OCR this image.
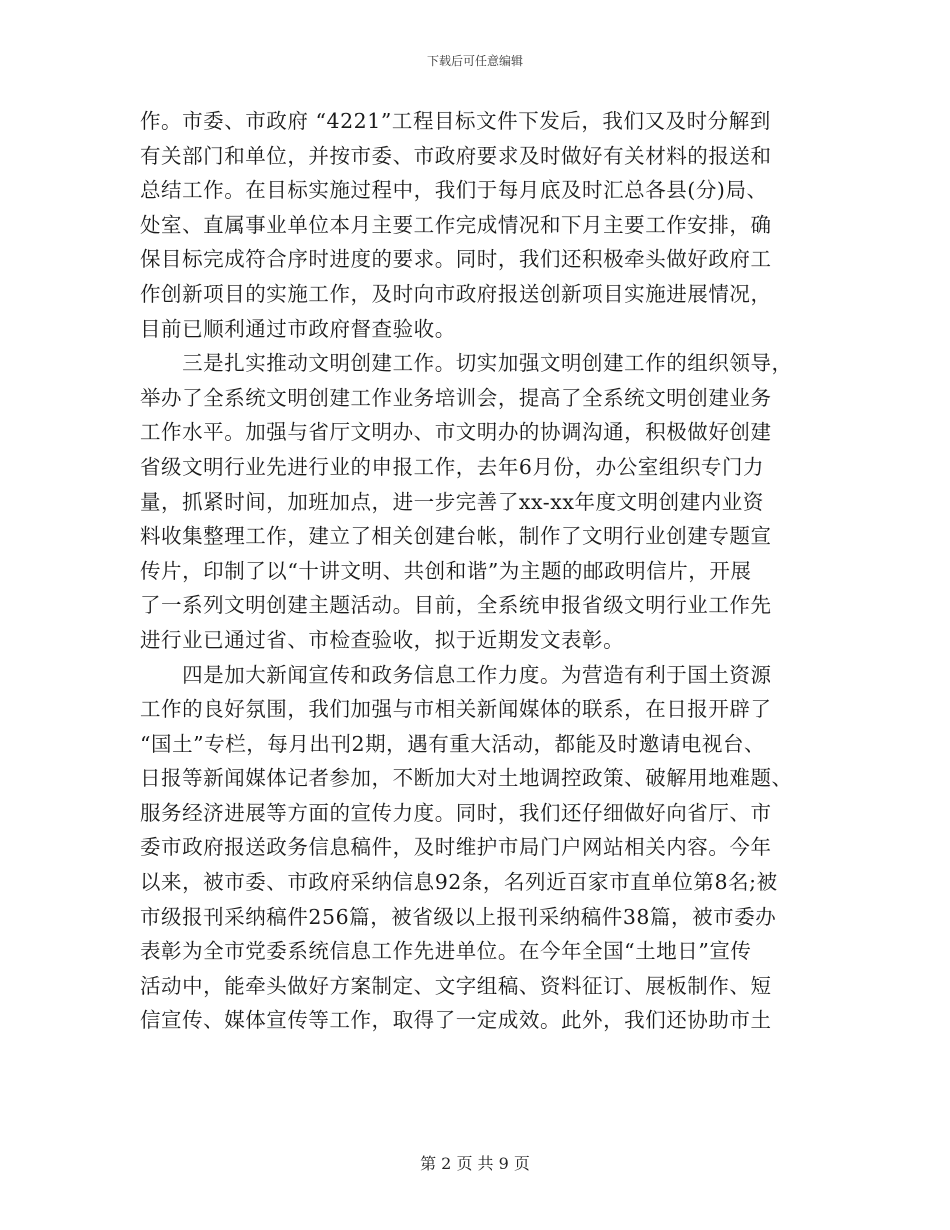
下载后可任意编辑
作。市委、市政府 “4221”工程目标文件下发后，我们又及时分解到
有关部门和单位，并按市委、市政府要求及时做好有关材料的报送和
总结工作。在目标实施过程中，我们于每月底及时汇总各县(分)局、
处室、直属事业单位本月主要工作完成情况和下月主要工作安排，确
保目标完成符合序时进度的要求。同时，我们还积极牵头做好政府工
作创新项目的实施工作，及时向市政府报送创新项目实施进展情况，
目前已顺利通过市政府督查验收。
　　三是扎实推动文明创建工作。切实加强文明创建工作的组织领导，
举办了全系统文明创建工作业务培训会，提高了全系统文明创建业务
工作水平。加强与省厅文明办、市文明办的协调沟通，积极做好创建
省级文明行业先进行业的申报工作，去年6月份，办公室组织专门力
量，抓紧时间，加班加点，进一步完善了xx-xx年度文明创建内业资
料收集整理工作，建立了相关创建台帐，制作了文明行业创建专题宣
传片，印制了以“十讲文明、共创和谐”为主题的邮政明信片，开展
了一系列文明创建主题活动。目前，全系统申报省级文明行业工作先
进行业已通过省、市检查验收，拟于近期发文表彰。
　　四是加大新闻宣传和政务信息工作力度。为营造有利于国土资源
工作的良好氛围，我们加强与市相关新闻媒体的联系，在日报开辟了
“国土”专栏，每月出刊2期，遇有重大活动，都能及时邀请电视台、
日报等新闻媒体记者参加，不断加大对土地调控政策、破解用地难题、
服务经济进展等方面的宣传力度。同时，我们还仔细做好向省厅、市
委市政府报送政务信息稿件，及时维护市局门户网站相关内容。今年
以来，被市委、市政府采纳信息92条，名列近百家市直单位第8名;被
市级报刊采纳稿件256篇，被省级以上报刊采纳稿件38篇，被市委办
表彰为全市党委系统信息工作先进单位。在今年全国“土地日”宣传
活动中，能牵头做好方案制定、文字组稿、资料征订、展板制作、短
信宣传、媒体宣传等工作，取得了一定成效。此外，我们还协助市土
第 2 页 共 9 页
